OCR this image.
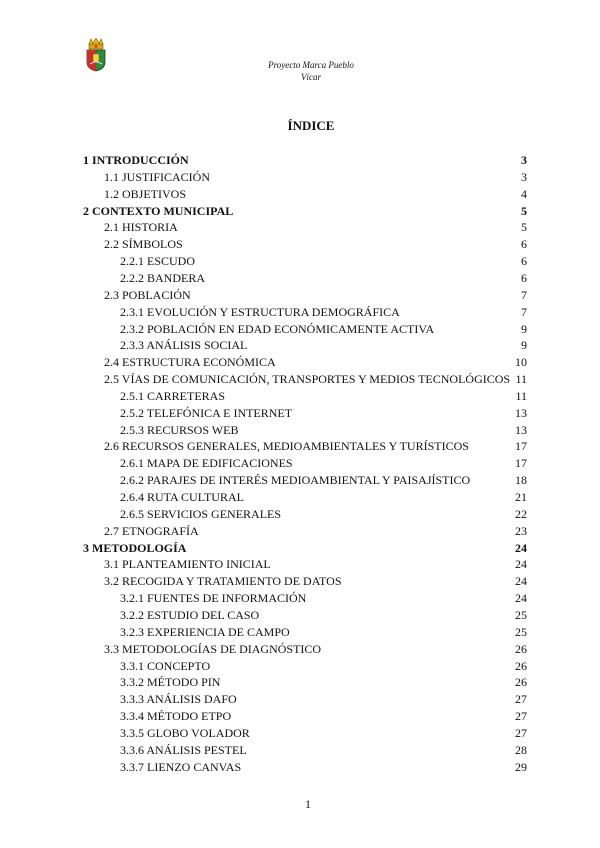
Proyecto Marca Pueblo
Vícar
ÍNDICE
1 INTRODUCCIÓN	3
1.1 JUSTIFICACIÓN	3
1.2 OBJETIVOS	4
2 CONTEXTO MUNICIPAL	5
2.1 HISTORIA	5
2.2 SÍMBOLOS	6
2.2.1 ESCUDO	6
2.2.2 BANDERA	6
2.3 POBLACIÓN	7
2.3.1 EVOLUCIÓN Y ESTRUCTURA DEMOGRÁFICA	7
2.3.2 POBLACIÓN EN EDAD ECONÓMICAMENTE ACTIVA	9
2.3.3 ANÁLISIS SOCIAL	9
2.4 ESTRUCTURA ECONÓMICA	10
2.5 VÍAS DE COMUNICACIÓN, TRANSPORTES Y MEDIOS TECNOLÓGICOS 11
2.5.1 CARRETERAS	11
2.5.2 TELEFÓNICA E INTERNET	13
2.5.3 RECURSOS WEB	13
2.6 RECURSOS GENERALES, MEDIOAMBIENTALES Y TURÍSTICOS	17
2.6.1 MAPA DE EDIFICACIONES	17
2.6.2 PARAJES DE INTERÉS MEDIOAMBIENTAL Y PAISAJÍSTICO	18
2.6.4 RUTA CULTURAL	21
2.6.5 SERVICIOS GENERALES	22
2.7 ETNOGRAFÍA	23
3 METODOLOGÍA	24
3.1 PLANTEAMIENTO INICIAL	24
3.2 RECOGIDA Y TRATAMIENTO DE DATOS	24
3.2.1 FUENTES DE INFORMACIÓN	24
3.2.2 ESTUDIO DEL CASO	25
3.2.3 EXPERIENCIA DE CAMPO	25
3.3 METODOLOGÍAS DE DIAGNÓSTICO	26
3.3.1 CONCEPTO	26
3.3.2 MÉTODO PIN	26
3.3.3 ANÁLISIS DAFO	27
3.3.4 MÉTODO ETPO	27
3.3.5 GLOBO VOLADOR	27
3.3.6 ANÁLISIS PESTEL	28
3.3.7 LIENZO CANVAS	29
1
